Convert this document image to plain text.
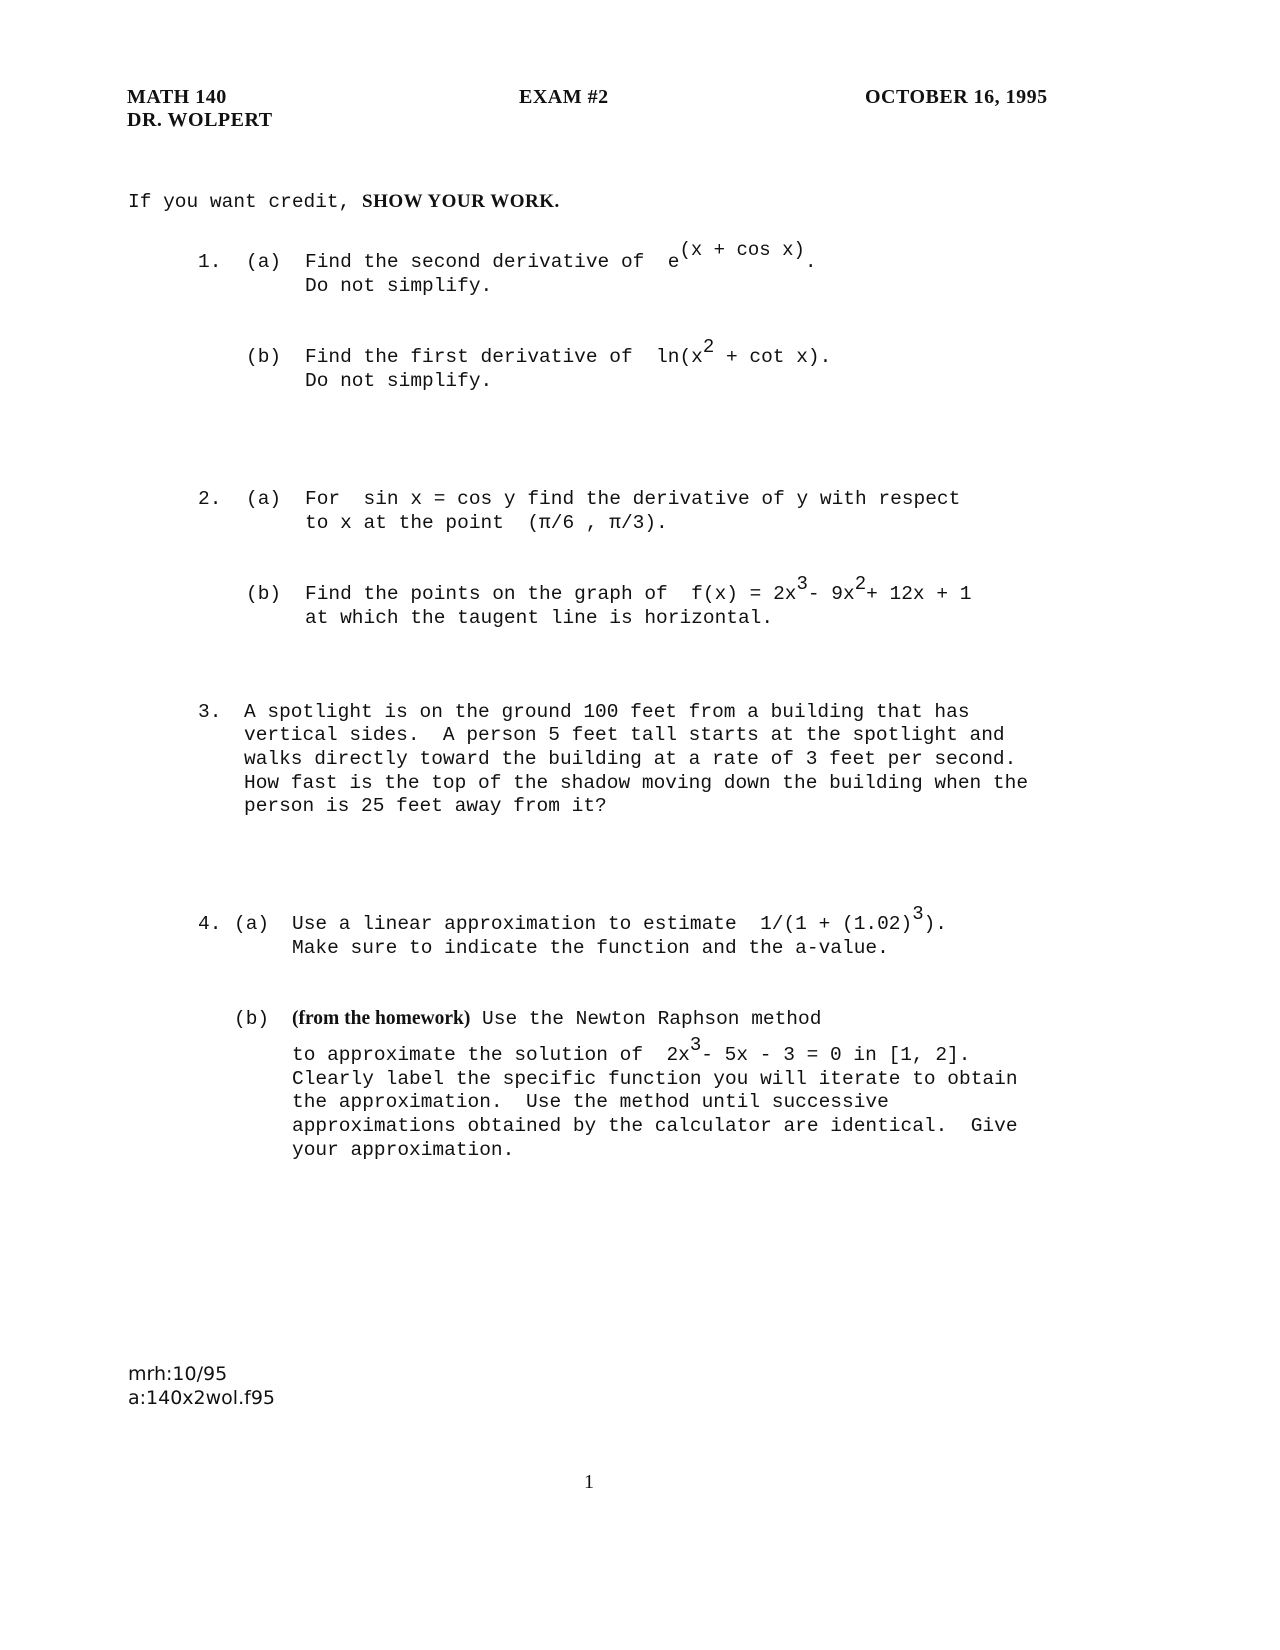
MATH 140
DR. WOLPERT
EXAM #2	OCTOBER 16, 1995
If you want credit, SHOW YOUR WORK.
1. (a) Find the second derivative of  $e^{(x + cos x)}$.
Do not simplify.
(b) Find the first derivative of  $\ln(x^2 + \cot x)$.
Do not simplify.
2. (a) For  sin x = cos y find the derivative of y with respect
to x at the point  (π/6 , π/3).
(b) Find the points on the graph of  $f(x) = 2x^3-$ $9x^2+ 12x + 1$
at which the taugent line is horizontal.
3. A spotlight is on the ground 100 feet from a building that has
vertical sides.  A person 5 feet tall starts at the spotlight and
walks directly toward the building at a rate of 3 feet per second.
How fast is the top of the shadow moving down the building when the
person is 25 feet away from it?
4. (a) Use a linear approximation to estimate  $1/(1 + (1.02)^3)$.
Make sure to indicate the function and the a-value.
(b) (from the homework) Use the Newton Raphson method
to approximate the solution of  $2x^3-$ 5x - 3 = 0 in [1, 2].
Clearly label the specific function you will iterate to obtain
the approximation.  Use the method until successive
approximations obtained by the calculator are identical.  Give
your approximation.
mrh:10/95
a:140x2wol.f95
1
